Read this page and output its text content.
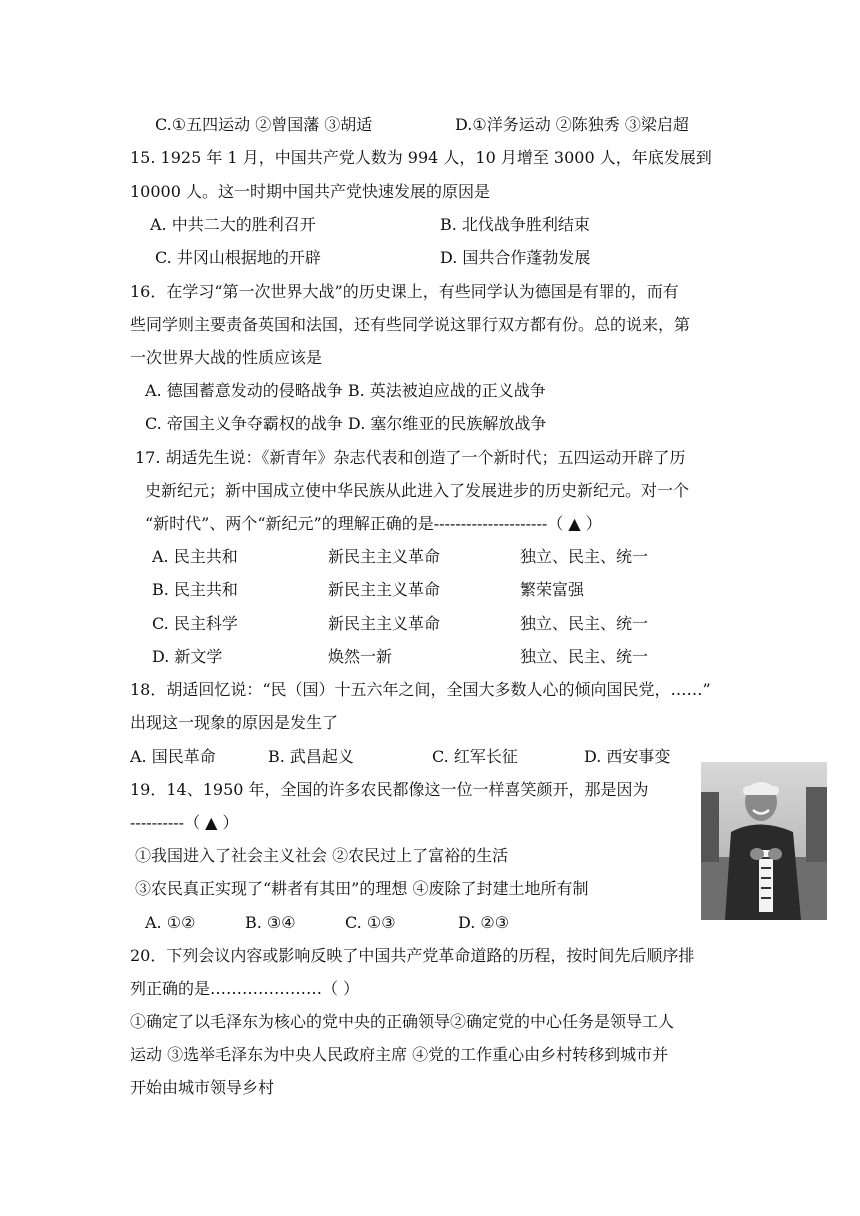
C.①五四运动 ②曾国藩 ③胡适	D.①洋务运动 ②陈独秀 ③梁启超
15. 1925 年 1 月，中国共产党人数为 994 人，10 月增至 3000 人，年底发展到
10000 人。这一时期中国共产党快速发展的原因是
A. 中共二大的胜利召开	B. 北伐战争胜利结束
C. 井冈山根据地的开辟	D. 国共合作蓬勃发展
16．在学习“第一次世界大战”的历史课上，有些同学认为德国是有罪的，而有
些同学则主要责备英国和法国，还有些同学说这罪行双方都有份。总的说来，第
一次世界大战的性质应该是
A. 德国蓄意发动的侵略战争 B. 英法被迫应战的正义战争
C. 帝国主义争夺霸权的战争 D. 塞尔维亚的民族解放战争
17. 胡适先生说：《新青年》杂志代表和创造了一个新时代；五四运动开辟了历
史新纪元；新中国成立使中华民族从此进入了发展进步的历史新纪元。对一个
“新时代”、两个“新纪元”的理解正确的是---------------------（ ▲ ）
A. 民主共和	新民主主义革命	独立、民主、统一
B. 民主共和	新民主主义革命	繁荣富强
C. 民主科学	新民主主义革命	独立、民主、统一
D. 新文学	焕然一新	独立、民主、统一
18．胡适回忆说：“民（国）十五六年之间，全国大多数人心的倾向国民党，……”
出现这一现象的原因是发生了
A. 国民革命	B. 武昌起义	C. 红军长征	D. 西安事变
19．14、1950 年，全国的许多农民都像这一位一样喜笑颜开，那是因为
----------（ ▲ ）
①我国进入了社会主义社会 ②农民过上了富裕的生活
③农民真正实现了“耕者有其田”的理想 ④废除了封建土地所有制
A. ①②	B. ③④	C. ①③	D. ②③
20．下列会议内容或影响反映了中国共产党革命道路的历程，按时间先后顺序排
列正确的是…………………（ ）
①确定了以毛泽东为核心的党中央的正确领导②确定党的中心任务是领导工人
运动 ③选举毛泽东为中央人民政府主席 ④党的工作重心由乡村转移到城市并
开始由城市领导乡村
